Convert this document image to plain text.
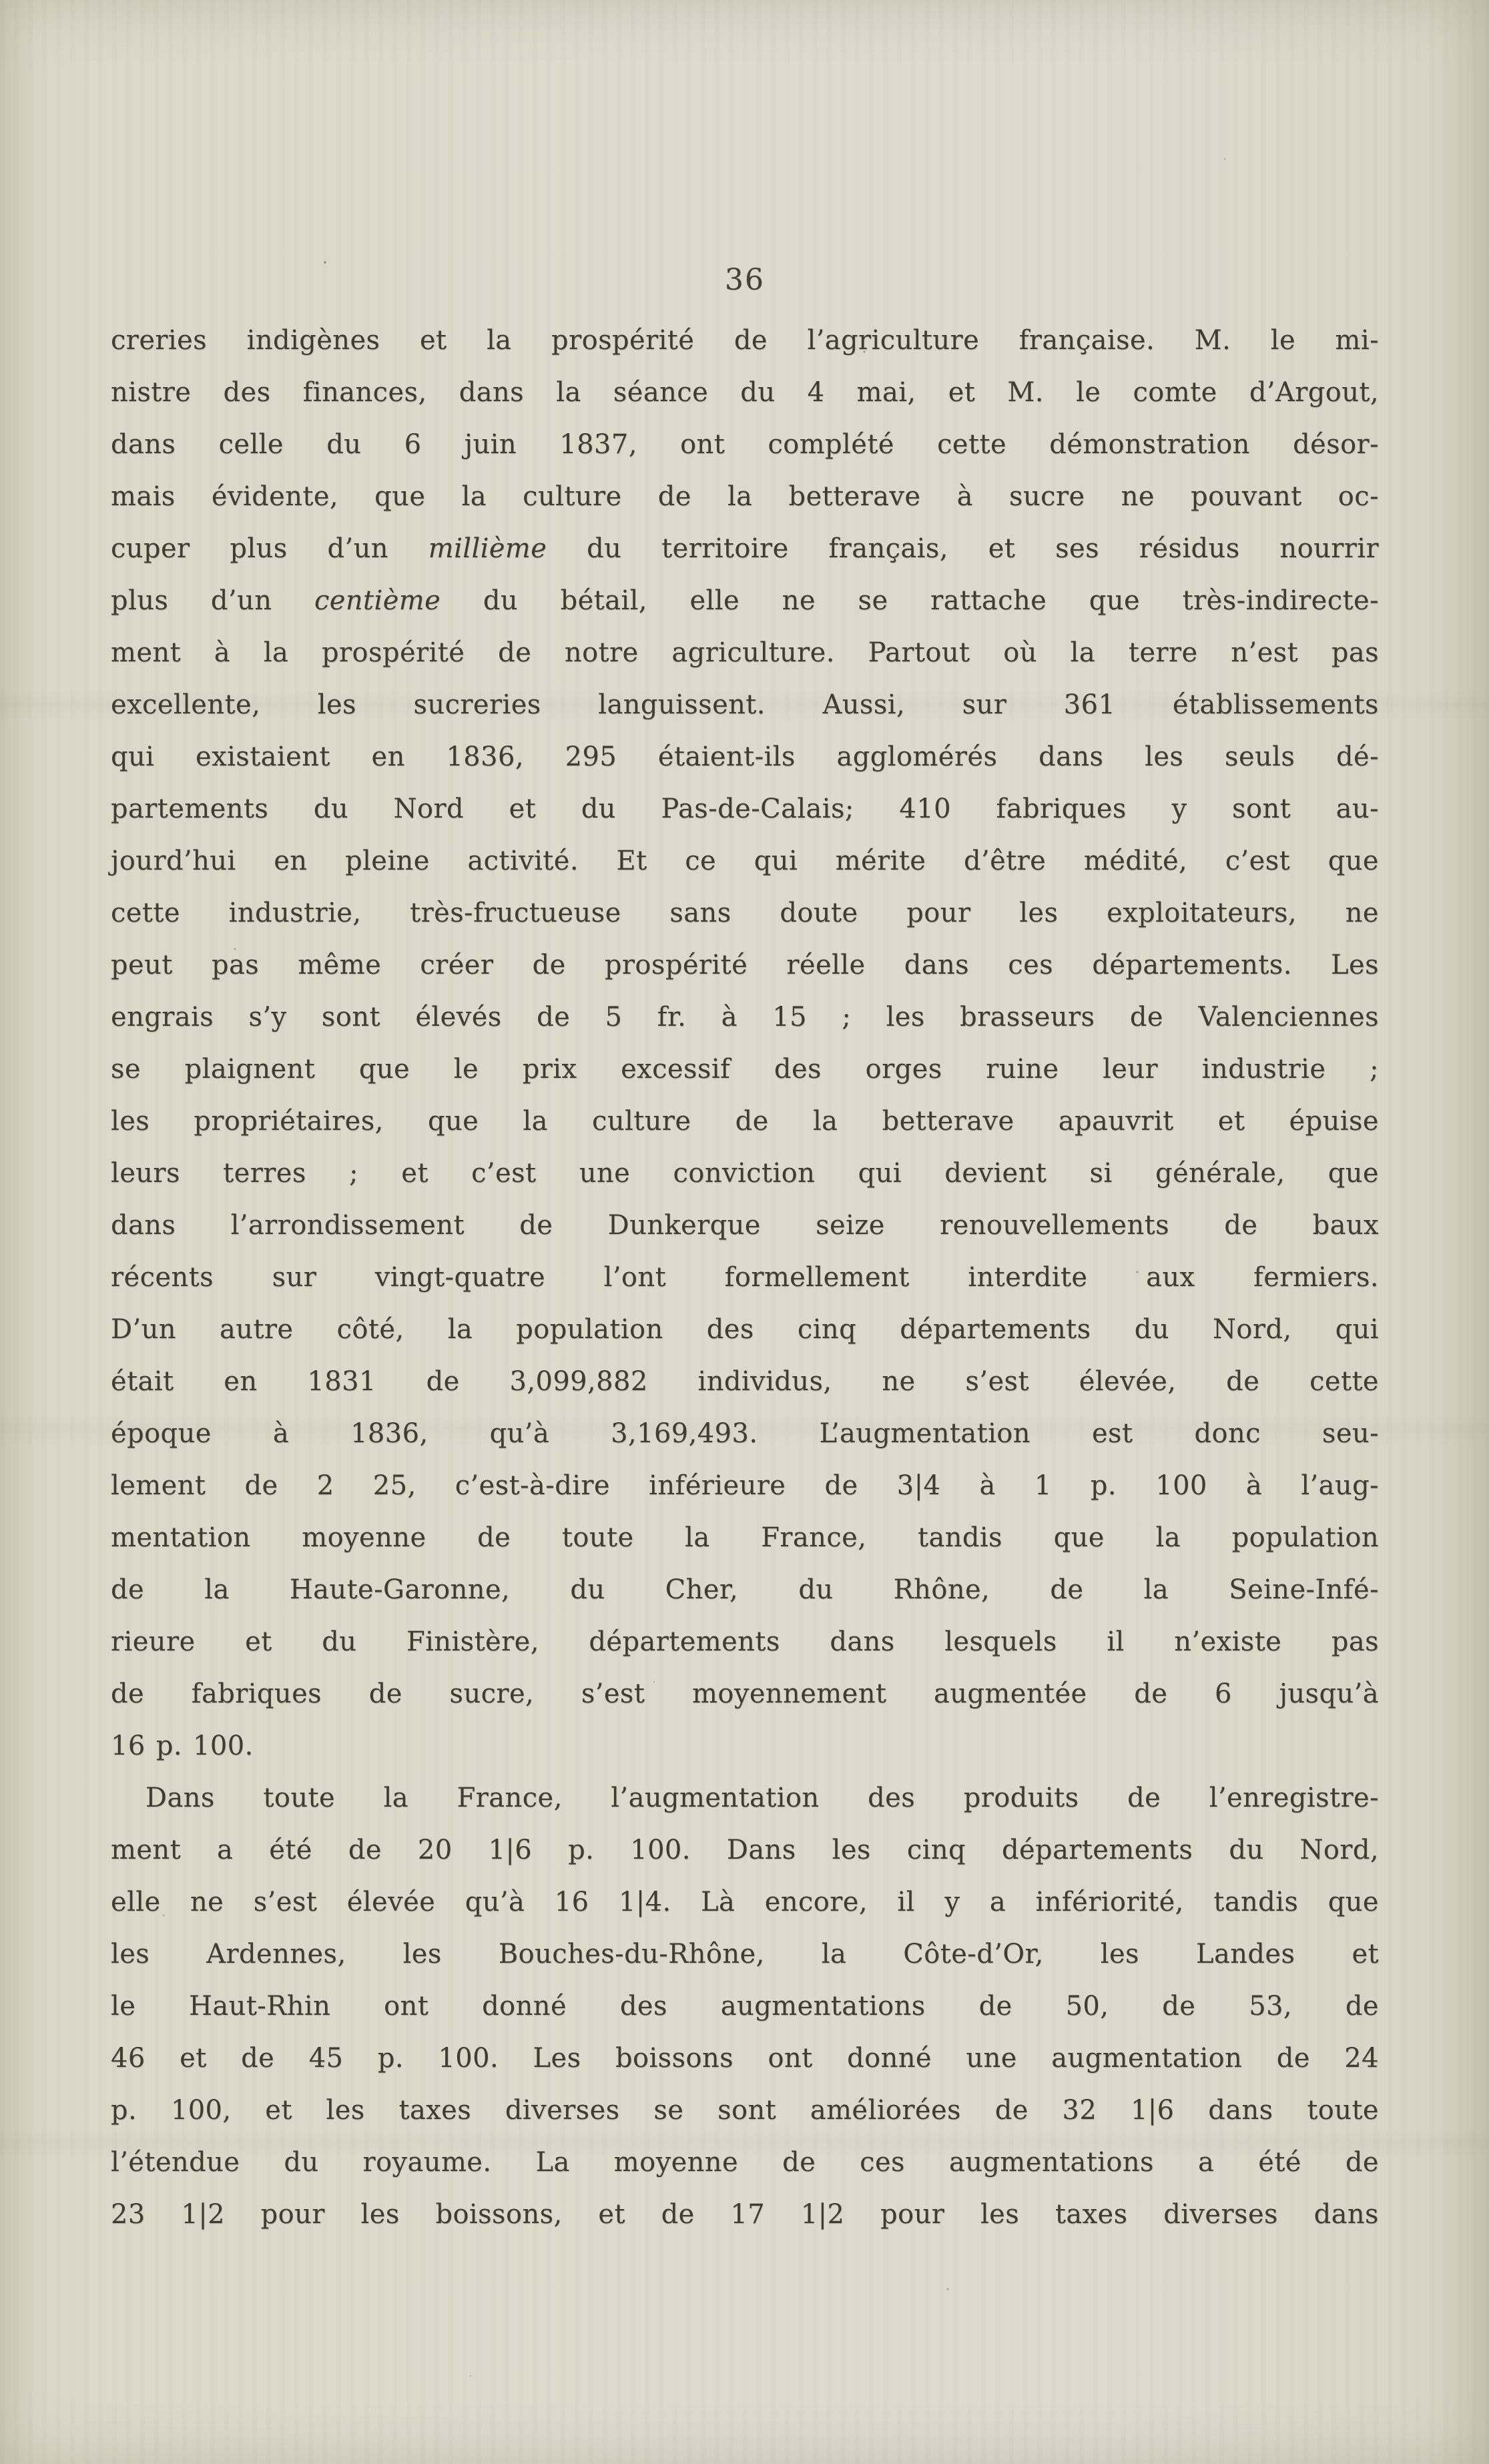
36
creries indigènes et la prospérité de l’agriculture française. M. le mi-
nistre des finances, dans la séance du 4 mai, et M. le comte d’Argout,
dans celle du 6 juin 1837, ont complété cette démonstration désor-
mais évidente, que la culture de la betterave à sucre ne pouvant oc-
cuper plus d’un millième du territoire français, et ses résidus nourrir
plus d’un centième du bétail, elle ne se rattache que très-indirecte-
ment à la prospérité de notre agriculture. Partout où la terre n’est pas
excellente, les sucreries languissent. Aussi, sur 361 établissements
qui existaient en 1836, 295 étaient-ils agglomérés dans les seuls dé-
partements du Nord et du Pas-de-Calais; 410 fabriques y sont au-
jourd’hui en pleine activité. Et ce qui mérite d’être médité, c’est que
cette industrie, très-fructueuse sans doute pour les exploitateurs, ne
peut pas même créer de prospérité réelle dans ces départements. Les
engrais s’y sont élevés de 5 fr. à 15 ; les brasseurs de Valenciennes
se plaignent que le prix excessif des orges ruine leur industrie ;
les propriétaires, que la culture de la betterave apauvrit et épuise
leurs terres ; et c’est une conviction qui devient si générale, que
dans l’arrondissement de Dunkerque seize renouvellements de baux
récents sur vingt-quatre l’ont formellement interdite aux fermiers.
D’un autre côté, la population des cinq départements du Nord, qui
était en 1831 de 3,099,882 individus, ne s’est élevée, de cette
époque à 1836, qu’à 3,169,493. L’augmentation est donc seu-
lement de 2 25, c’est-à-dire inférieure de 3|4 à 1 p. 100 à l’aug-
mentation moyenne de toute la France, tandis que la population
de la Haute-Garonne, du Cher, du Rhône, de la Seine-Infé-
rieure et du Finistère, départements dans lesquels il n’existe pas
de fabriques de sucre, s’est moyennement augmentée de 6 jusqu’à
16 p. 100.
Dans toute la France, l’augmentation des produits de l’enregistre-
ment a été de 20 1|6 p. 100. Dans les cinq départements du Nord,
elle ne s’est élevée qu’à 16 1|4. Là encore, il y a infériorité, tandis que
les Ardennes, les Bouches-du-Rhône, la Côte-d’Or, les Landes et
le Haut-Rhin ont donné des augmentations de 50, de 53, de
46 et de 45 p. 100. Les boissons ont donné une augmentation de 24
p. 100, et les taxes diverses se sont améliorées de 32 1|6 dans toute
l’étendue du royaume. La moyenne de ces augmentations a été de
23 1|2 pour les boissons, et de 17 1|2 pour les taxes diverses dans
